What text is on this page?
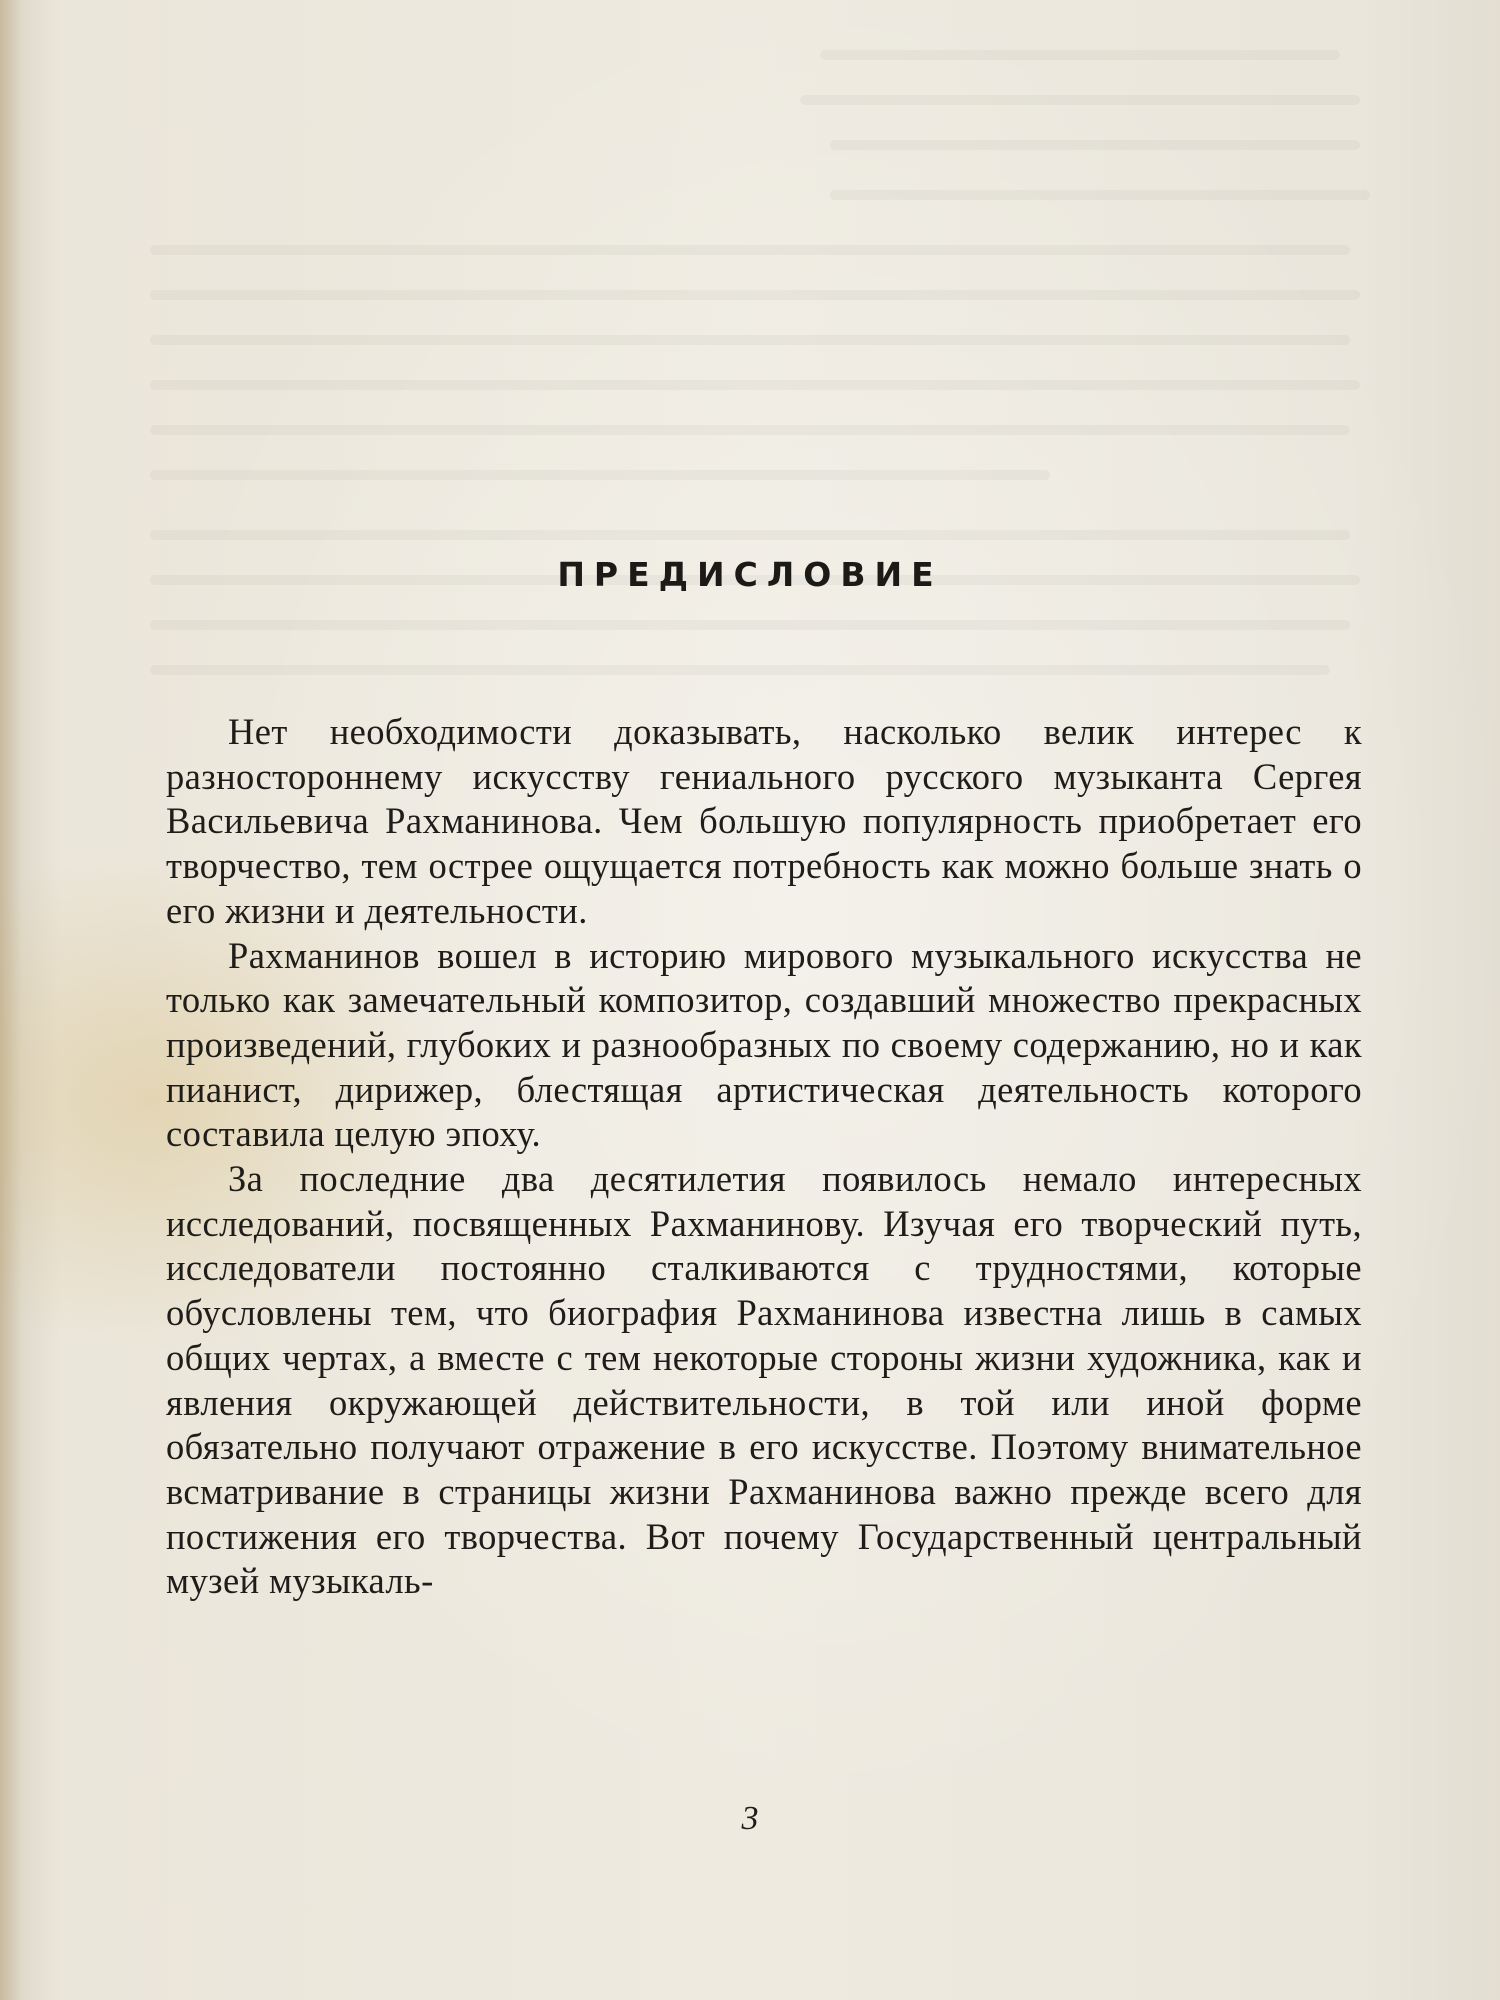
ПРЕДИСЛОВИЕ

Нет необходимости доказывать, насколько велик интерес к разностороннему искусству гениального русского музыканта Сергея Васильевича Рахманинова. Чем большую популярность приобретает его творчество, тем острее ощущается потребность как можно больше знать о его жизни и деятельности.

Рахманинов вошел в историю мирового музыкального искусства не только как замечательный композитор, создавший множество прекрасных произведений, глубоких и разнообразных по своему содержанию, но и как пианист, дирижер, блестящая артистическая деятельность которого составила целую эпоху.

За последние два десятилетия появилось немало интересных исследований, посвященных Рахманинову. Изучая его творческий путь, исследователи постоянно сталкиваются с трудностями, которые обусловлены тем, что биография Рахманинова известна лишь в самых общих чертах, а вместе с тем некоторые стороны жизни художника, как и явления окружающей действительности, в той или иной форме обязательно получают отражение в его искусстве. Поэтому внимательное всматривание в страницы жизни Рахманинова важно прежде всего для постижения его творчества. Вот почему Государственный центральный музей музыкаль-

3
